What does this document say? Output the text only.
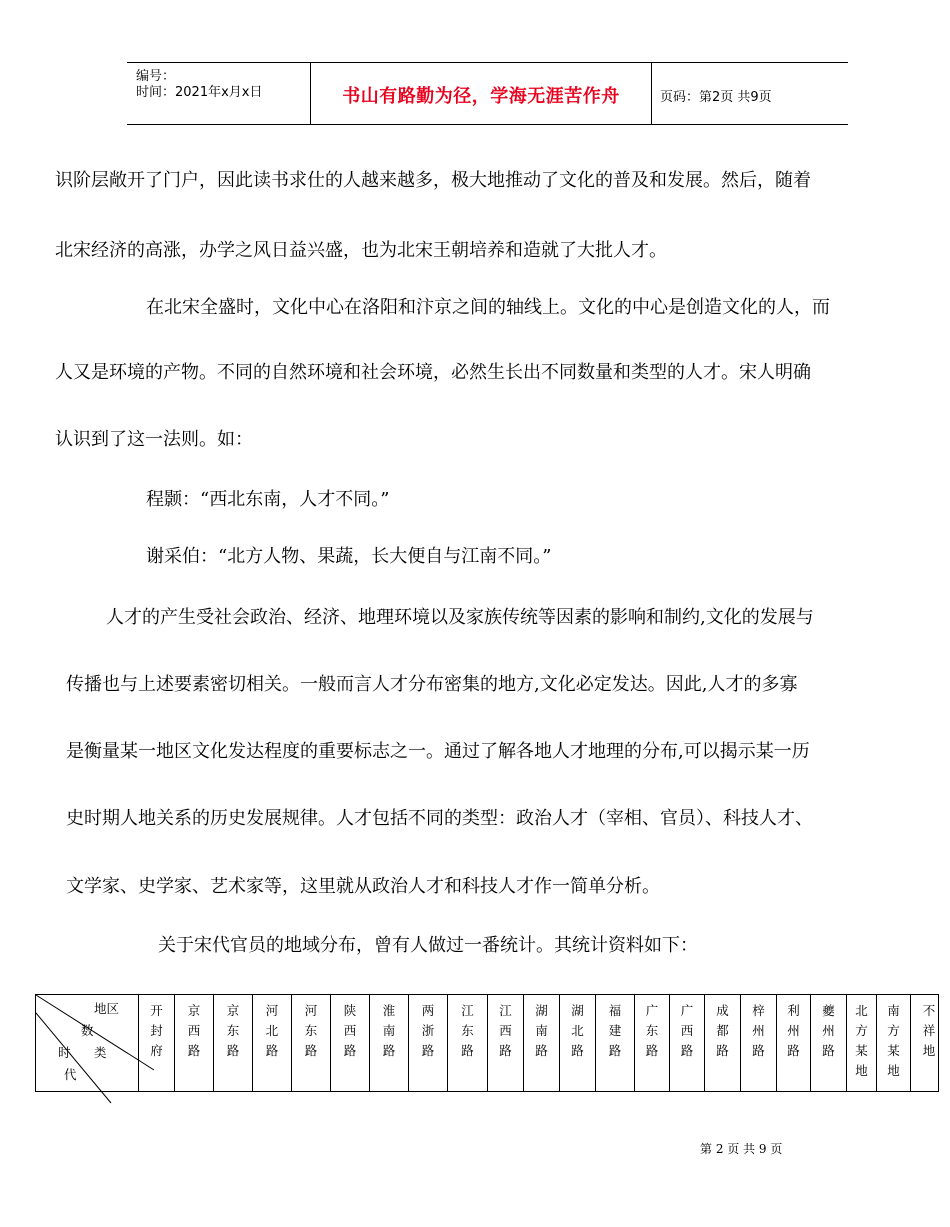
编号：
时间：2021年x月x日	书山有路勤为径，学海无涯苦作舟	页码：第2页 共9页
识阶层敞开了门户，因此读书求仕的人越来越多，极大地推动了文化的普及和发展。然后，随着
北宋经济的高涨，办学之风日益兴盛，也为北宋王朝培养和造就了大批人才。
在北宋全盛时，文化中心在洛阳和汴京之间的轴线上。文化的中心是创造文化的人，而
人又是环境的产物。不同的自然环境和社会环境，必然生长出不同数量和类型的人才。宋人明确
认识到了这一法则。如：
程颢：“西北东南，人才不同。”
谢采伯：“北方人物、果蔬，长大便自与江南不同。”
人才的产生受社会政治、经济、地理环境以及家族传统等因素的影响和制约,文化的发展与
传播也与上述要素密切相关。一般而言人才分布密集的地方,文化必定发达。因此,人才的多寡
是衡量某一地区文化发达程度的重要标志之一。通过了解各地人才地理的分布,可以揭示某一历
史时期人地关系的历史发展规律。人才包括不同的类型：政治人才（宰相、官员）、科技人才、
文学家、史学家、艺术家等，这里就从政治人才和科技人才作一简单分析。
关于宋代官员的地域分布，曾有人做过一番统计。其统计资料如下：
地区
数
时 类
代
开
封
府
京
西
路
京
东
路
河
北
路
河
东
路
陕
西
路
淮
南
路
两
浙
路
江
东
路
江
西
路
湖
南
路
湖
北
路
福
建
路
广
东
路
广
西
路
成
都
路
梓
州
路
利
州
路
夔
州
路
北
方
某
地
南
方
某
地
不
祥
地
第 2 页 共 9 页
